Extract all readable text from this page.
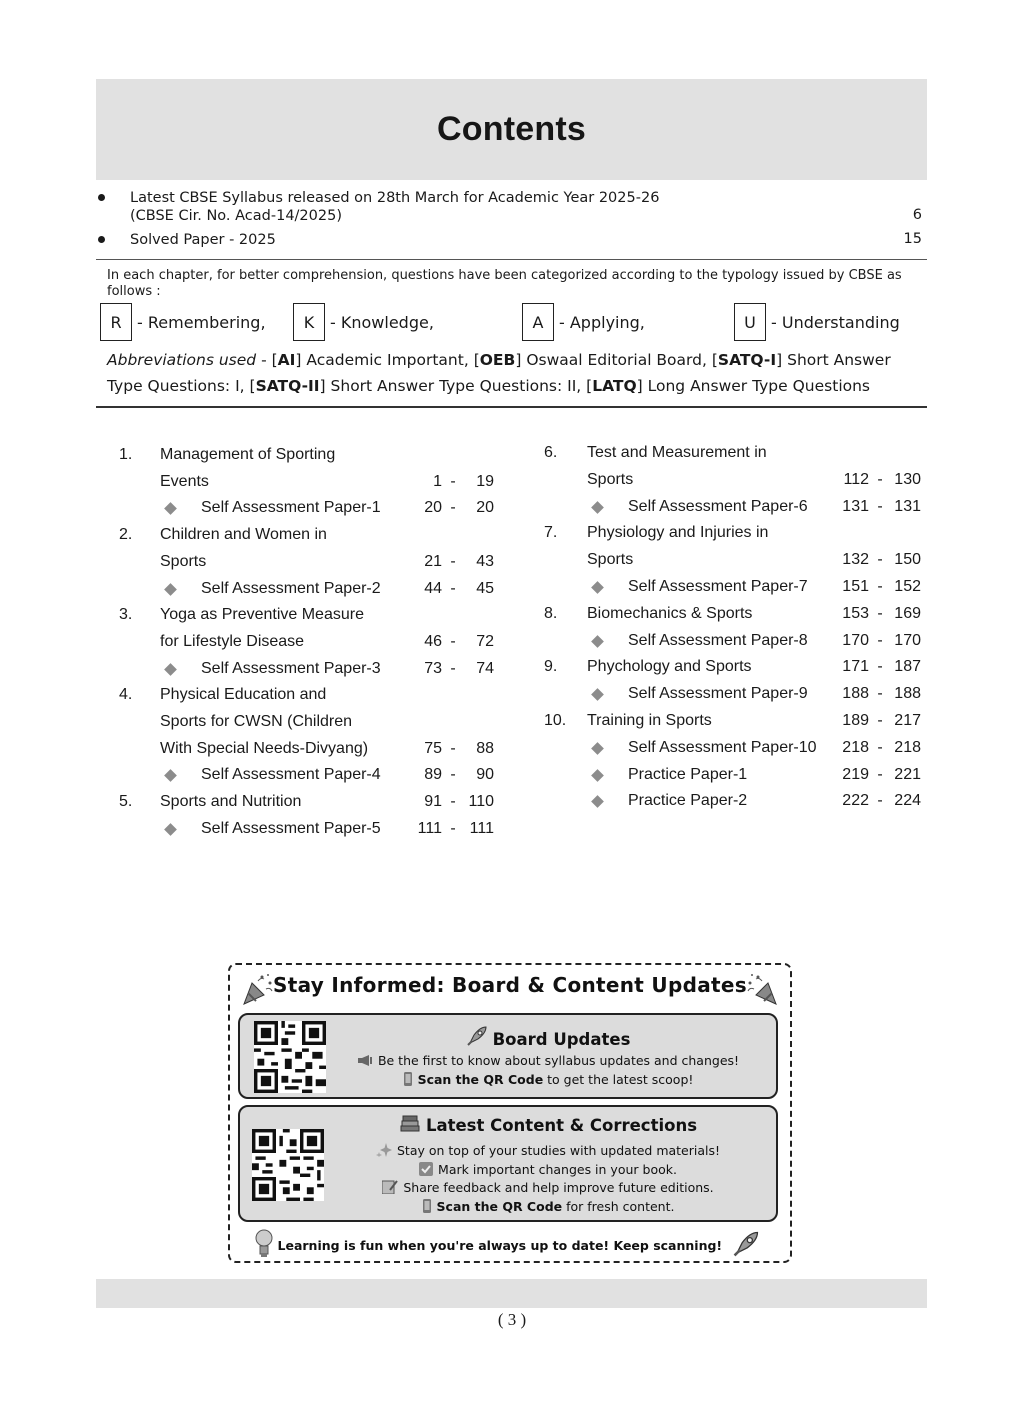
Contents
Latest CBSE Syllabus released on 28th March for Academic Year 2025-26
(CBSE Cir. No. Acad-14/2025)	6
Solved Paper - 2025	15
In each chapter, for better comprehension, questions have been categorized according to the typology issued by CBSE as follows :
R - Remembering,	K - Knowledge,	A - Applying,	U - Understanding
Abbreviations used - [AI] Academic Important, [OEB] Oswaal Editorial Board, [SATQ-I] Short Answer Type Questions: I, [SATQ-II] Short Answer Type Questions: II, [LATQ] Long Answer Type Questions
1. Management of Sporting
Events	1 - 19
Self Assessment Paper-1	20 - 20
2. Children and Women in
Sports	21 - 43
Self Assessment Paper-2	44 - 45
3. Yoga as Preventive Measure
for Lifestyle Disease	46 - 72
Self Assessment Paper-3	73 - 74
4. Physical Education and
Sports for CWSN (Children
With Special Needs-Divyang)	75 - 88
Self Assessment Paper-4	89 - 90
5. Sports and Nutrition	91 - 110
Self Assessment Paper-5	111 - 111
6. Test and Measurement in
Sports	112 - 130
Self Assessment Paper-6 131 - 131
7. Physiology and Injuries in
Sports	132 - 150
Self Assessment Paper-7 151 - 152
8. Biomechanics & Sports	153 - 169
Self Assessment Paper-8 170 - 170
9. Phychology and Sports	171 - 187
Self Assessment Paper-9 188 - 188
10. Training in Sports	189 - 217
Self Assessment Paper-10 218 - 218
Practice Paper-1	219 - 221
Practice Paper-2	222 - 224
Stay Informed: Board & Content Updates
Board Updates
Be the first to know about syllabus updates and changes!
Scan the QR Code to get the latest scoop!
Latest Content & Corrections
Stay on top of your studies with updated materials!
Mark important changes in your book.
Share feedback and help improve future editions.
Scan the QR Code for fresh content.
Learning is fun when you're always up to date! Keep scanning!
( 3 )
